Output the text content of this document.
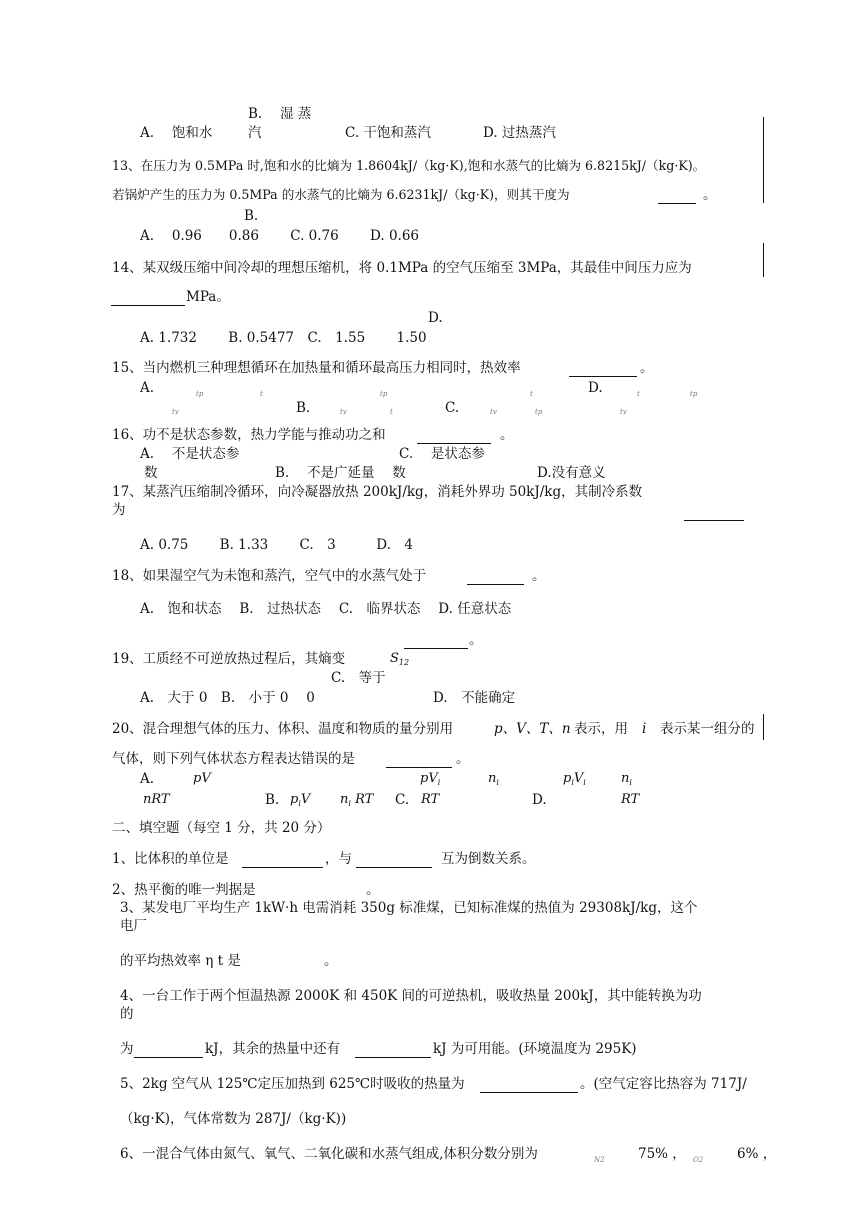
B.　 湿 蒸
A.　 饱和水	汽	C. 干饱和蒸汽	D. 过热蒸汽
13、在压力为 0.5MPa 时,饱和水的比熵为 1.8604kJ/（kg·K),饱和水蒸气的比熵为 6.8215kJ/（kg·K)。
若锅炉产生的压力为 0.5MPa 的水蒸气的比熵为 6.6231kJ/（kg·K)，则其干度为	。
B.
A.　 0.96　　0.86　　 C. 0.76　　 D. 0.66
14、某双级压缩中间冷却的理想压缩机，将 0.1MPa 的空气压缩至 3MPa，其最佳中间压力应为
MPa。
D.
A. 1.732　　 B. 0.5477　C.　1.55　　 1.50
15、当内燃机三种理想循环在加热量和循环最高压力相同时，热效率	。
A.	tp	t	tp	t	D.	t	tp
tv	B.	tv	t	C.	tv	tp	tv
16、功不是状态参数，热力学能与推动功之和	。
A.　 不是状态参	C.　 是状态参
数	B.　 不是广延量　 数	D.没有意义
17、某蒸汽压缩制冷循环，向冷凝器放热 200kJ/kg，消耗外界功 50kJ/kg，其制冷系数
为
A. 0.75　　 B. 1.33　　 C.　3　　　D.　4
18、如果湿空气为未饱和蒸汽，空气中的水蒸气处于	。
A.　饱和状态　 B.　过热状态　 C.　临界状态　 D. 任意状态
。
19、工质经不可逆放热过程后，其熵变	$S_{12}$
C.　等于
A.　大于 0　B.　小于 0　 0	D.　不能确定
20、混合理想气体的压力、体积、温度和物质的量分别用	p、V、T、n 表示，用 i 表示某一组分的
气体，则下列气体状态方程表达错误的是	。
A.	pV	$pV_i$	$n_i$	$p_iV_i$	$n_i$
nRT	B. $p_iV$ $n_i$ RT C. RT	D.	RT
二、填空题（每空 1 分，共 20 分）
1、比体积的单位是	，与	互为倒数关系。
2、热平衡的唯一判据是	。
3、某发电厂平均生产 1kW·h 电需消耗 350g 标准煤，已知标准煤的热值为 29308kJ/kg，这个
电厂
的平均热效率 η t 是	。
4、一台工作于两个恒温热源 2000K 和 450K 间的可逆热机，吸收热量 200kJ，其中能转换为功
的
为	kJ，其余的热量中还有	kJ 为可用能。(环境温度为 295K)
5、2kg 空气从 125℃定压加热到 625℃时吸收的热量为	。(空气定容比热容为 717J/
（kg·K)，气体常数为 287J/（kg·K))
6、一混合气体由氮气、氧气、二氧化碳和水蒸气组成,体积分数分别为	N2 75% ， O2	6% ，
